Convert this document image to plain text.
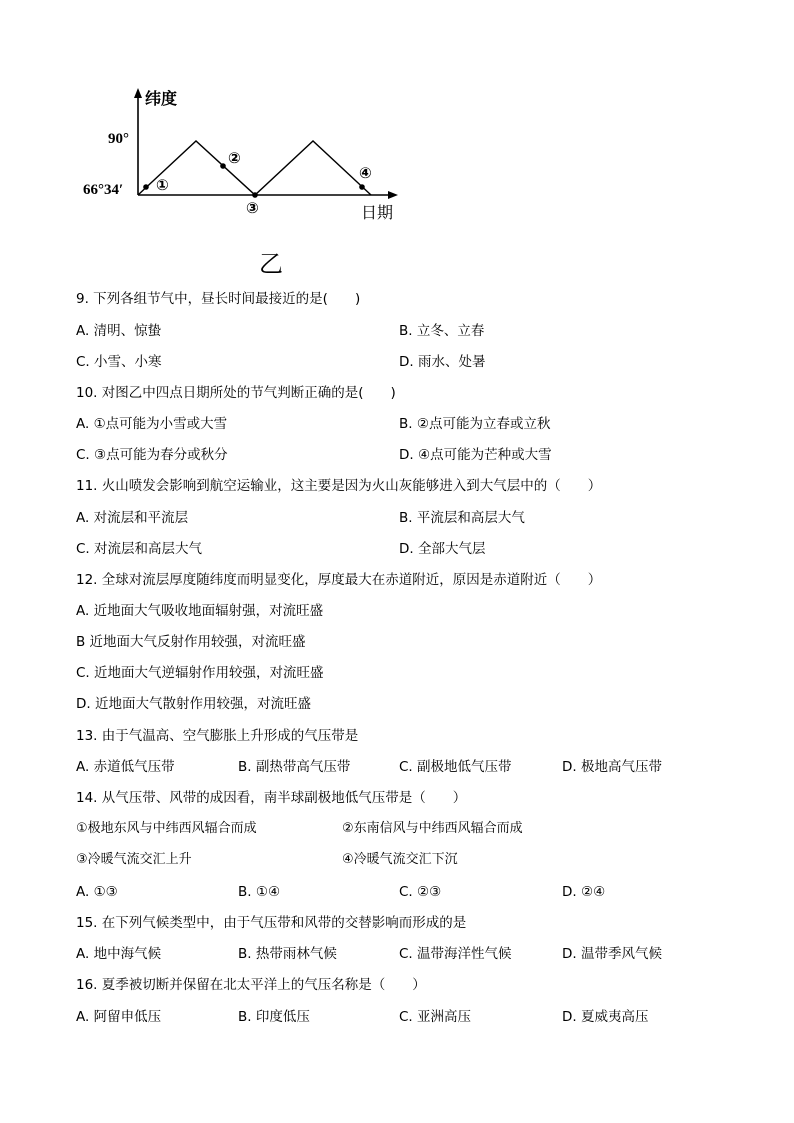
纬度
90°
66°34′
日期
①
②
③
④
乙
9. 下列各组节气中，昼长时间最接近的是(　　)
A. 清明、惊蛰	B. 立冬、立春
C. 小雪、小寒	D. 雨水、处暑
10. 对图乙中四点日期所处的节气判断正确的是(　　)
A. ①点可能为小雪或大雪	B. ②点可能为立春或立秋
C. ③点可能为春分或秋分	D. ④点可能为芒种或大雪
11. 火山喷发会影响到航空运输业，这主要是因为火山灰能够进入到大气层中的（　　）
A. 对流层和平流层	B. 平流层和高层大气
C. 对流层和高层大气	D. 全部大气层
12. 全球对流层厚度随纬度而明显变化，厚度最大在赤道附近，原因是赤道附近（　　）
A. 近地面大气吸收地面辐射强，对流旺盛
B 近地面大气反射作用较强，对流旺盛
C. 近地面大气逆辐射作用较强，对流旺盛
D. 近地面大气散射作用较强，对流旺盛
13. 由于气温高、空气膨胀上升形成的气压带是
A. 赤道低气压带	B. 副热带高气压带	C. 副极地低气压带	D. 极地高气压带
14. 从气压带、风带的成因看，南半球副极地低气压带是（　　）
①极地东风与中纬西风辐合而成	②东南信风与中纬西风辐合而成
③冷暖气流交汇上升	④冷暖气流交汇下沉
A. ①③	B. ①④	C. ②③	D. ②④
15. 在下列气候类型中，由于气压带和风带的交替影响而形成的是
A. 地中海气候	B. 热带雨林气候	C. 温带海洋性气候	D. 温带季风气候
16. 夏季被切断并保留在北太平洋上的气压名称是（　　）
A. 阿留申低压	B. 印度低压	C. 亚洲高压	D. 夏威夷高压
